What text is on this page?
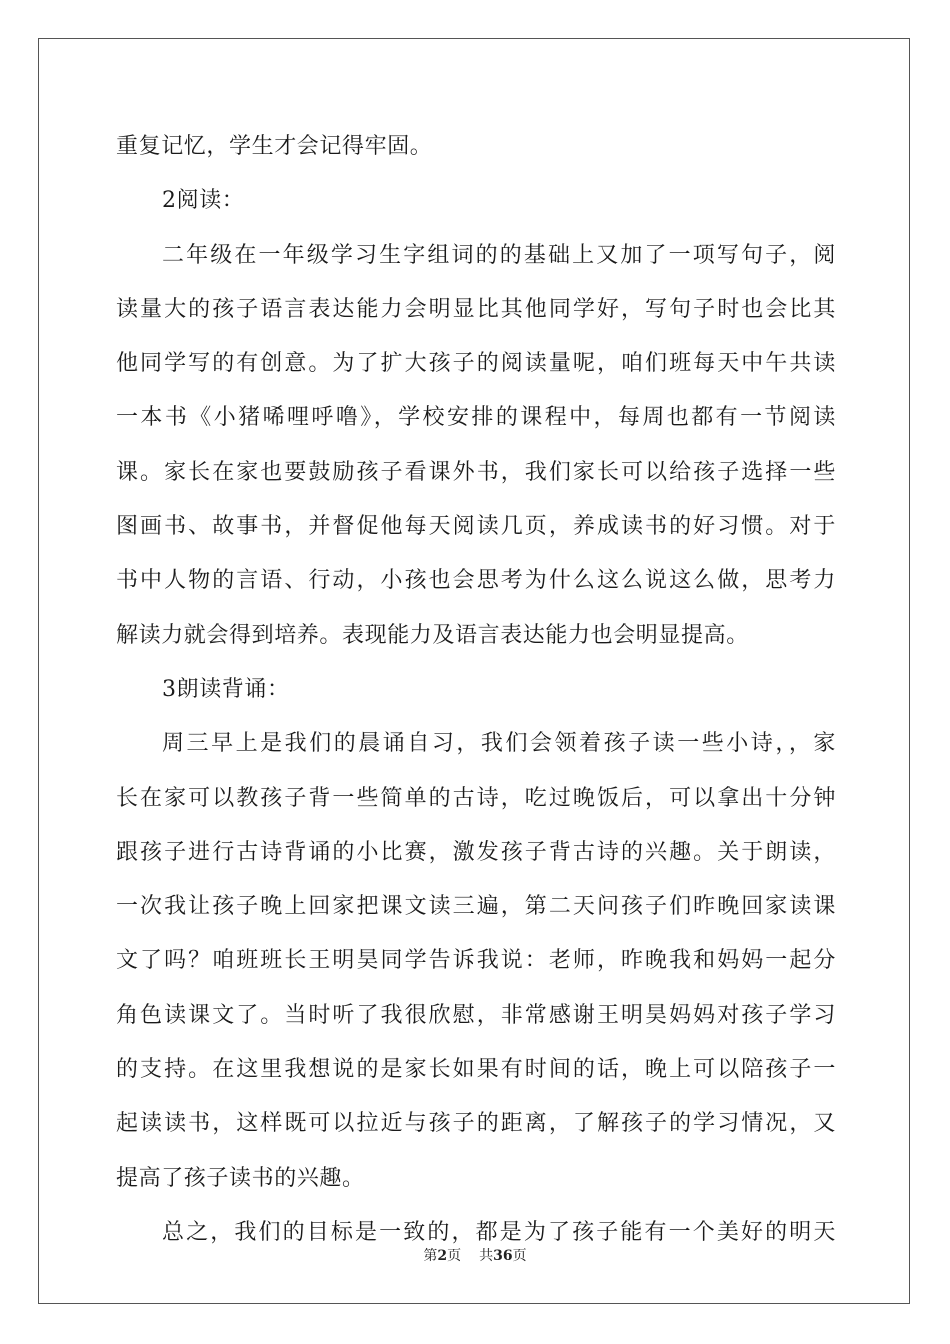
重复记忆，学生才会记得牢固。
2阅读：
二年级在一年级学习生字组词的的基础上又加了一项写句子，阅
读量大的孩子语言表达能力会明显比其他同学好，写句子时也会比其
他同学写的有创意。为了扩大孩子的阅读量呢，咱们班每天中午共读
一本书《小猪唏哩呼噜》，学校安排的课程中，每周也都有一节阅读
课。家长在家也要鼓励孩子看课外书，我们家长可以给孩子选择一些
图画书、故事书，并督促他每天阅读几页，养成读书的好习惯。对于
书中人物的言语、行动，小孩也会思考为什么这么说这么做，思考力
解读力就会得到培养。表现能力及语言表达能力也会明显提高。
3朗读背诵：
周三早上是我们的晨诵自习，我们会领着孩子读一些小诗，，家
长在家可以教孩子背一些简单的古诗，吃过晚饭后，可以拿出十分钟
跟孩子进行古诗背诵的小比赛，激发孩子背古诗的兴趣。关于朗读，
一次我让孩子晚上回家把课文读三遍，第二天问孩子们昨晚回家读课
文了吗？咱班班长王明昊同学告诉我说：老师，昨晚我和妈妈一起分
角色读课文了。当时听了我很欣慰，非常感谢王明昊妈妈对孩子学习
的支持。在这里我想说的是家长如果有时间的话，晚上可以陪孩子一
起读读书，这样既可以拉近与孩子的距离，了解孩子的学习情况，又
提高了孩子读书的兴趣。
总之，我们的目标是一致的，都是为了孩子能有一个美好的明天
第2页 共36页
